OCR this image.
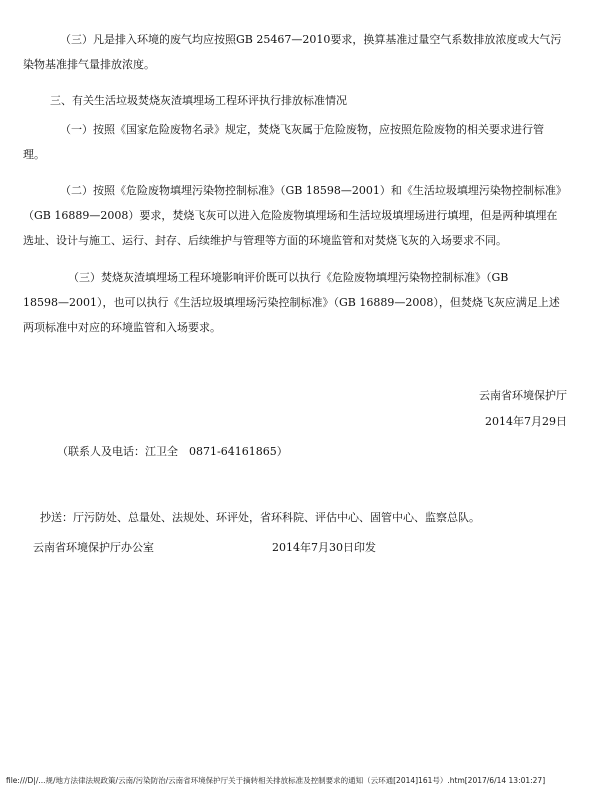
（三）凡是排入环境的废气均应按照GB 25467—2010要求，换算基准过量空气系数排放浓度或大气污
染物基准排气量排放浓度。
三、有关生活垃圾焚烧灰渣填埋场工程环评执行排放标准情况
（一）按照《国家危险废物名录》规定，焚烧飞灰属于危险废物，应按照危险废物的相关要求进行管
理。
（二）按照《危险废物填埋污染物控制标准》（GB 18598—2001）和《生活垃圾填埋污染物控制标准》
（GB 16889—2008）要求，焚烧飞灰可以进入危险废物填埋场和生活垃圾填埋场进行填埋，但是两种填埋在
选址、设计与施工、运行、封存、后续维护与管理等方面的环境监管和对焚烧飞灰的入场要求不同。
（三）焚烧灰渣填埋场工程环境影响评价既可以执行《危险废物填埋污染物控制标准》（GB
18598—2001），也可以执行《生活垃圾填埋场污染控制标准》（GB 16889—2008），但焚烧飞灰应满足上述
两项标准中对应的环境监管和入场要求。
云南省环境保护厅
2014年7月29日
（联系人及电话：江卫全　0871-64161865）
抄送：厅污防处、总量处、法规处、环评处，省环科院、评估中心、固管中心、监察总队。
云南省环境保护厅办公室	2014年7月30日印发
file:///D|/...规/地方法律法规政策/云南/污染防治/云南省环境保护厅关于摘转相关排放标准及控制要求的通知（云环通[2014]161号）.htm[2017/6/14 13:01:27]
